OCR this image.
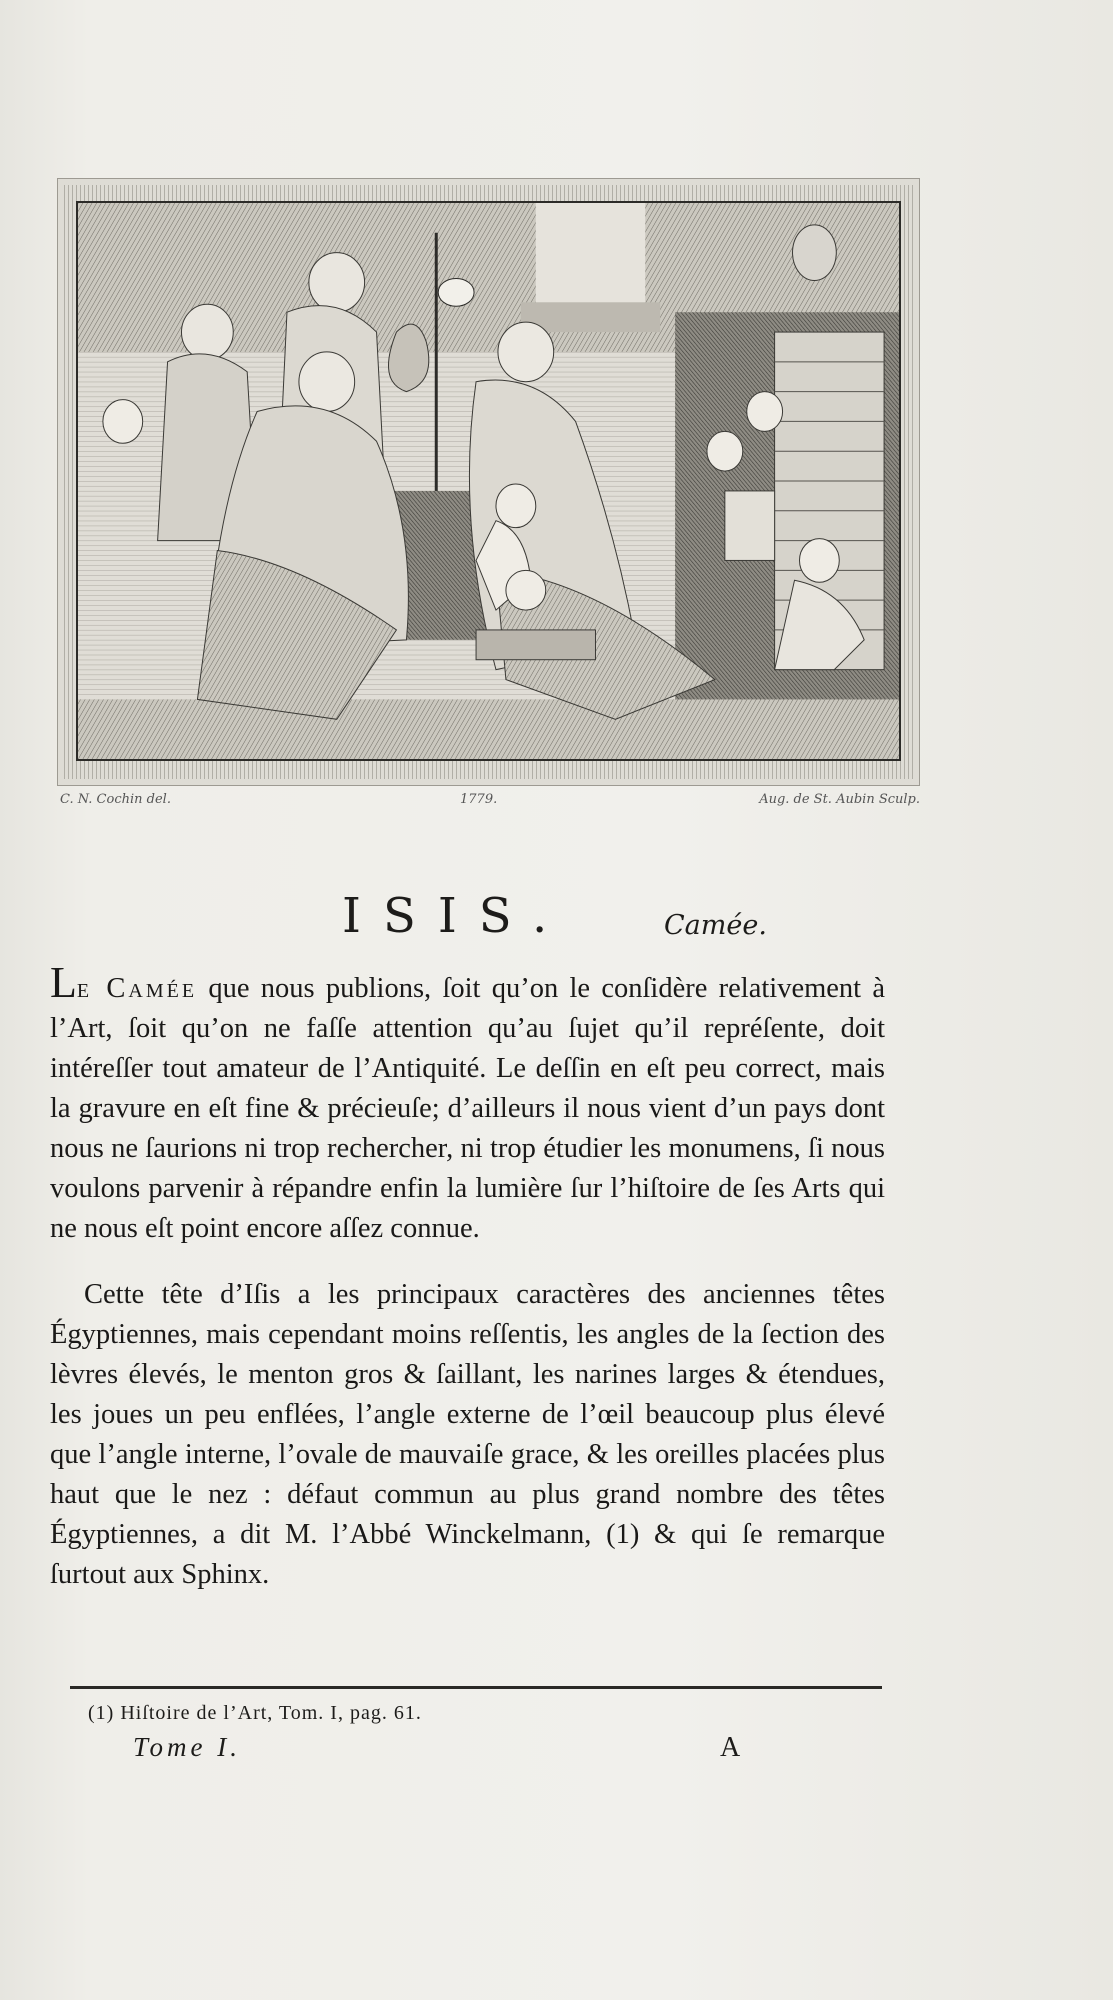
C. N. Cochin del.	1779.	Aug. de St. Aubin Sculp.
ISIS.	Camée.

Le Camée que nous publions, ſoit qu’on le conſidère relativement à l’Art, ſoit qu’on ne faſſe attention qu’au ſujet qu’il repréſente, doit intéreſſer tout amateur de l’Antiquité. Le deſſin en eſt peu correct, mais la gravure en eſt fine & précieuſe; d’ailleurs il nous vient d’un pays dont nous ne ſaurions ni trop rechercher, ni trop étudier les monumens, ſi nous voulons parvenir à répandre enfin la lumière ſur l’hiſtoire de ſes Arts qui ne nous eſt point encore aſſez connue.

Cette tête d’Iſis a les principaux caractères des anciennes têtes Égyptiennes, mais cependant moins reſſentis, les angles de la ſection des lèvres élevés, le menton gros & ſaillant, les narines larges & étendues, les joues un peu enflées, l’angle externe de l’œil beaucoup plus élevé que l’angle interne, l’ovale de mauvaiſe grace, & les oreilles placées plus haut que le nez : défaut commun au plus grand nombre des têtes Égyptiennes, a dit M. l’Abbé Winckelmann, (1) & qui ſe remarque ſurtout aux Sphinx.

(1) Hiſtoire de l’Art, Tom. I, pag. 61.
Tome I.	A
